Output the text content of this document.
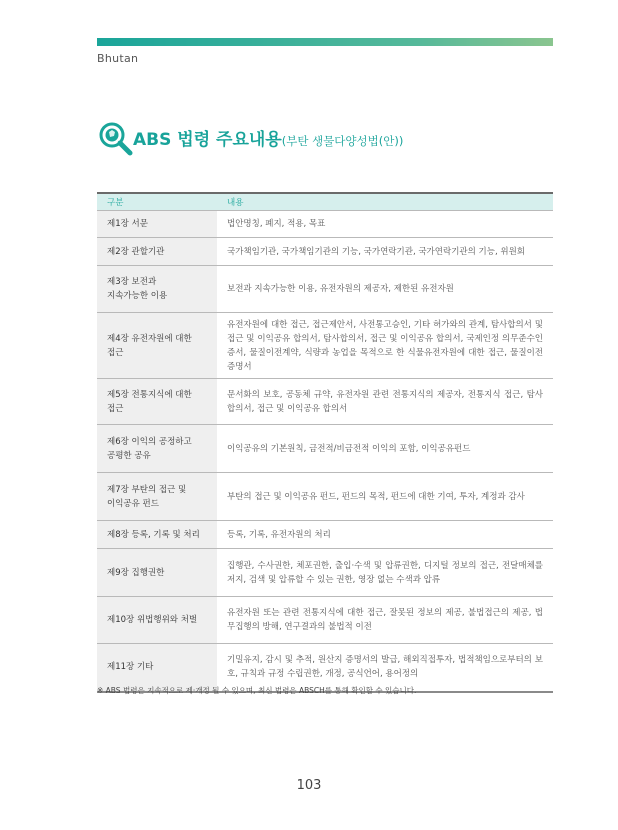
Bhutan
ABS 법령 주요내용(부탄 생물다양성법(안))
구분	내용
제1장 서문	법안명칭, 폐지, 적용, 목표
제2장 관할기관	국가책임기관, 국가책임기관의 기능, 국가연락기관, 국가연락기관의 기능, 위원회
제3장 보전과
지속가능한 이용	보전과 지속가능한 이용, 유전자원의 제공자, 제한된 유전자원
제4장 유전자원에 대한
접근	유전자원에 대한 접근, 접근제안서, 사전통고승인, 기타 허가와의 관계, 탐사합의서 및 접근 및 이익공유 합의서, 탐사합의서, 접근 및 이익공유 합의서, 국제인정 의무준수인증서, 물질이전계약, 식량과 농업을 목적으로 한 식물유전자원에 대한 접근, 물질이전증명서
제5장 전통지식에 대한
접근	문서화의 보호, 공동체 규약, 유전자원 관련 전통지식의 제공자, 전통지식 접근, 탐사합의서, 접근 및 이익공유 합의서
제6장 이익의 공정하고
공평한 공유	이익공유의 기본원칙, 금전적/비금전적 이익의 포함, 이익공유펀드
제7장 부탄의 접근 및
이익공유 펀드	부탄의 접근 및 이익공유 펀드, 펀드의 목적, 펀드에 대한 기여, 투자, 계정과 감사
제8장 등록, 기록 및 처리	등록, 기록, 유전자원의 처리
제9장 집행권한	집행관, 수사권한, 체포권한, 출입·수색 및 압류권한, 디지털 정보의 접근, 전달매체를 저지, 검색 및 압류할 수 있는 권한, 영장 없는 수색과 압류
제10장 위법행위와 처벌	유전자원 또는 관련 전통지식에 대한 접근, 잘못된 정보의 제공, 불법접근의 제공, 법무집행의 방해, 연구결과의 불법적 이전
제11장 기타	기밀유지, 감시 및 추적, 원산지 증명서의 발급, 해외직접투자, 법적책임으로부터의 보호, 규칙과 규정 수립권한, 개정, 공식언어, 용어정의
※ ABS 법령은 지속적으로 제·개정 될 수 있으며, 최신 법령은 ABSCH를 통해 확인할 수 있습니다.
103
